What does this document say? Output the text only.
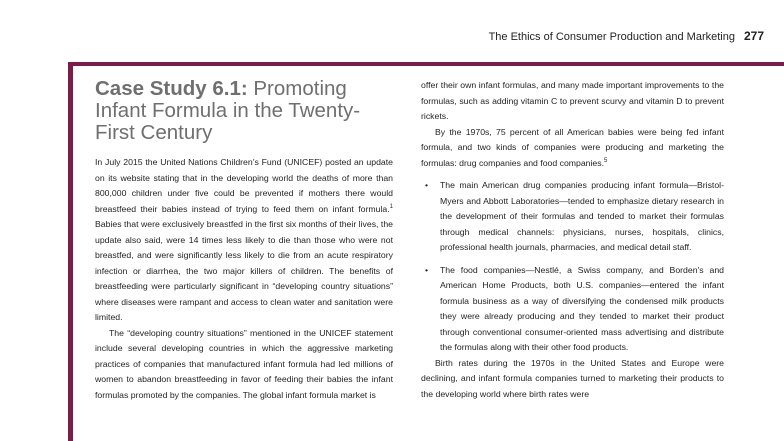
The Ethics of Consumer Production and Marketing 277
Case Study 6.1: Promoting Infant Formula in the Twenty-First Century

In July 2015 the United Nations Children’s Fund (UNICEF) posted an update on its website stating that in the developing world the deaths of more than 800,000 children under five could be prevented if mothers there would breastfeed their babies instead of trying to feed them on infant formula.$^1$ Babies that were exclusively breastfed in the first six months of their lives, the update also said, were 14 times less likely to die than those who were not breastfed, and were significantly less likely to die from an acute respiratory infection or diarrhea, the two major killers of children. The benefits of breastfeeding were particularly significant in “developing country situations” where diseases were rampant and access to clean water and sanitation were limited.

The “developing country situations” mentioned in the UNICEF statement include several developing countries in which the aggressive marketing practices of companies that manufactured infant formula had led millions of women to abandon breastfeeding in favor of feeding their babies the infant formulas promoted by the companies. The global infant formula market is

offer their own infant formulas, and many made important improvements to the formulas, such as adding vitamin C to prevent scurvy and vitamin D to prevent rickets.

By the 1970s, 75 percent of all American babies were being fed infant formula, and two kinds of companies were producing and marketing the formulas: drug companies and food companies.$^5$

• The main American drug companies producing infant formula—Bristol-Myers and Abbott Laboratories—tended to emphasize dietary research in the development of their formulas and tended to market their formulas through medical channels: physicians, nurses, hospitals, clinics, professional health journals, pharmacies, and medical detail staff.

• The food companies—Nestlé, a Swiss company, and Borden’s and American Home Products, both U.S. companies—entered the infant formula business as a way of diversifying the condensed milk products they were already producing and they tended to market their product through conventional consumer-oriented mass advertising and distribute the formulas along with their other food products.

Birth rates during the 1970s in the United States and Europe were declining, and infant formula companies turned to marketing their products to the developing world where birth rates were
